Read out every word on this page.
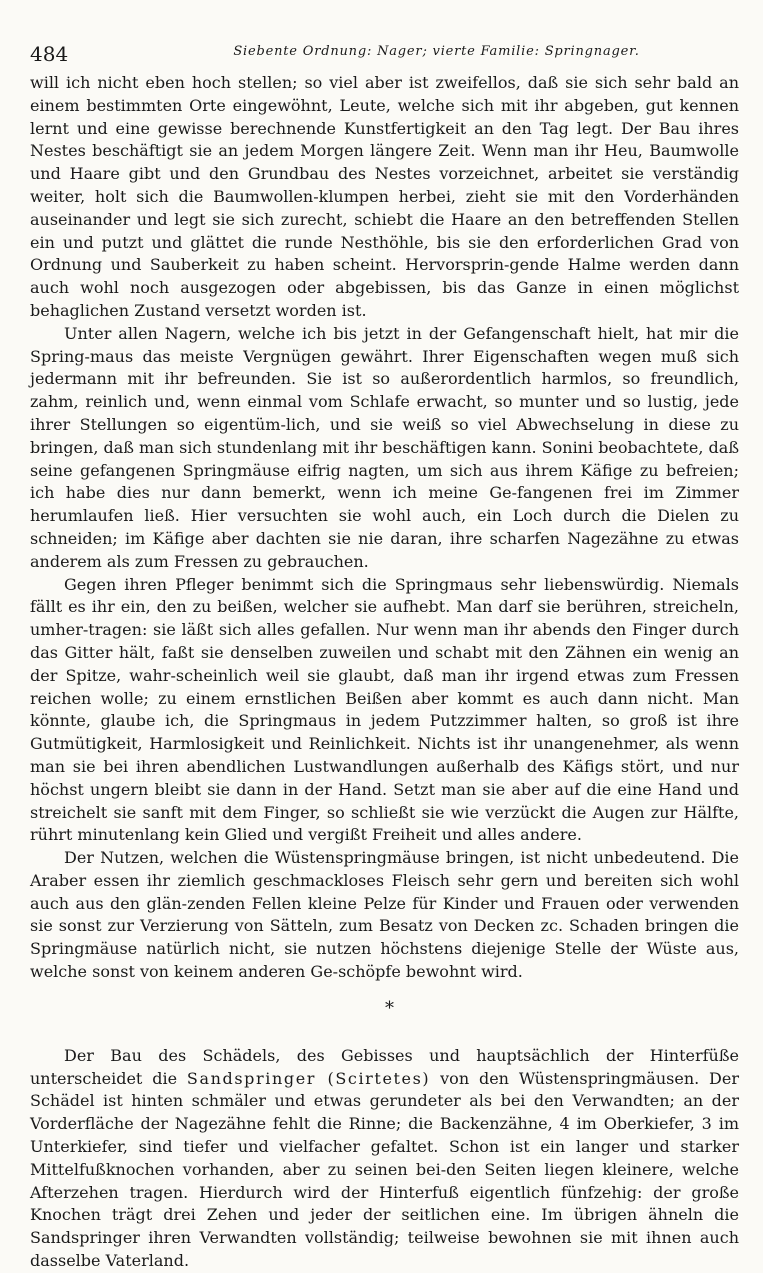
484	Siebente Ordnung: Nager; vierte Familie: Springnager.

will ich nicht eben hoch stellen; so viel aber ist zweifellos, daß sie sich sehr bald an einem bestimmten Orte eingewöhnt, Leute, welche sich mit ihr abgeben, gut kennen lernt und eine gewisse berechnende Kunstfertigkeit an den Tag legt. Der Bau ihres Nestes beschäftigt sie an jedem Morgen längere Zeit. Wenn man ihr Heu, Baumwolle und Haare gibt und den Grundbau des Nestes vorzeichnet, arbeitet sie verständig weiter, holt sich die Baumwollen-klumpen herbei, zieht sie mit den Vorderhänden auseinander und legt sie sich zurecht, schiebt die Haare an den betreffenden Stellen ein und putzt und glättet die runde Nesthöhle, bis sie den erforderlichen Grad von Ordnung und Sauberkeit zu haben scheint. Hervorsprin-gende Halme werden dann auch wohl noch ausgezogen oder abgebissen, bis das Ganze in einen möglichst behaglichen Zustand versetzt worden ist.

Unter allen Nagern, welche ich bis jetzt in der Gefangenschaft hielt, hat mir die Spring-maus das meiste Vergnügen gewährt. Ihrer Eigenschaften wegen muß sich jedermann mit ihr befreunden. Sie ist so außerordentlich harmlos, so freundlich, zahm, reinlich und, wenn einmal vom Schlafe erwacht, so munter und so lustig, jede ihrer Stellungen so eigentüm-lich, und sie weiß so viel Abwechselung in diese zu bringen, daß man sich stundenlang mit ihr beschäftigen kann. Sonini beobachtete, daß seine gefangenen Springmäuse eifrig nagten, um sich aus ihrem Käfige zu befreien; ich habe dies nur dann bemerkt, wenn ich meine Ge-fangenen frei im Zimmer herumlaufen ließ. Hier versuchten sie wohl auch, ein Loch durch die Dielen zu schneiden; im Käfige aber dachten sie nie daran, ihre scharfen Nagezähne zu etwas anderem als zum Fressen zu gebrauchen.

Gegen ihren Pfleger benimmt sich die Springmaus sehr liebenswürdig. Niemals fällt es ihr ein, den zu beißen, welcher sie aufhebt. Man darf sie berühren, streicheln, umher-tragen: sie läßt sich alles gefallen. Nur wenn man ihr abends den Finger durch das Gitter hält, faßt sie denselben zuweilen und schabt mit den Zähnen ein wenig an der Spitze, wahr-scheinlich weil sie glaubt, daß man ihr irgend etwas zum Fressen reichen wolle; zu einem ernstlichen Beißen aber kommt es auch dann nicht. Man könnte, glaube ich, die Springmaus in jedem Putzzimmer halten, so groß ist ihre Gutmütigkeit, Harmlosigkeit und Reinlichkeit. Nichts ist ihr unangenehmer, als wenn man sie bei ihren abendlichen Lustwandlungen außerhalb des Käfigs stört, und nur höchst ungern bleibt sie dann in der Hand. Setzt man sie aber auf die eine Hand und streichelt sie sanft mit dem Finger, so schließt sie wie verzückt die Augen zur Hälfte, rührt minutenlang kein Glied und vergißt Freiheit und alles andere.

Der Nutzen, welchen die Wüstenspringmäuse bringen, ist nicht unbedeutend. Die Araber essen ihr ziemlich geschmackloses Fleisch sehr gern und bereiten sich wohl auch aus den glän-zenden Fellen kleine Pelze für Kinder und Frauen oder verwenden sie sonst zur Verzierung von Sätteln, zum Besatz von Decken zc. Schaden bringen die Springmäuse natürlich nicht, sie nutzen höchstens diejenige Stelle der Wüste aus, welche sonst von keinem anderen Ge-schöpfe bewohnt wird.

*

Der Bau des Schädels, des Gebisses und hauptsächlich der Hinterfüße unterscheidet die Sandspringer (Scirtetes) von den Wüstenspringmäusen. Der Schädel ist hinten schmäler und etwas gerundeter als bei den Verwandten; an der Vorderfläche der Nagezähne fehlt die Rinne; die Backenzähne, 4 im Oberkiefer, 3 im Unterkiefer, sind tiefer und vielfacher gefaltet. Schon ist ein langer und starker Mittelfußknochen vorhanden, aber zu seinen bei-den Seiten liegen kleinere, welche Afterzehen tragen. Hierdurch wird der Hinterfuß eigentlich fünfzehig: der große Knochen trägt drei Zehen und jeder der seitlichen eine. Im übrigen ähneln die Sandspringer ihren Verwandten vollständig; teilweise bewohnen sie mit ihnen auch dasselbe Vaterland.
